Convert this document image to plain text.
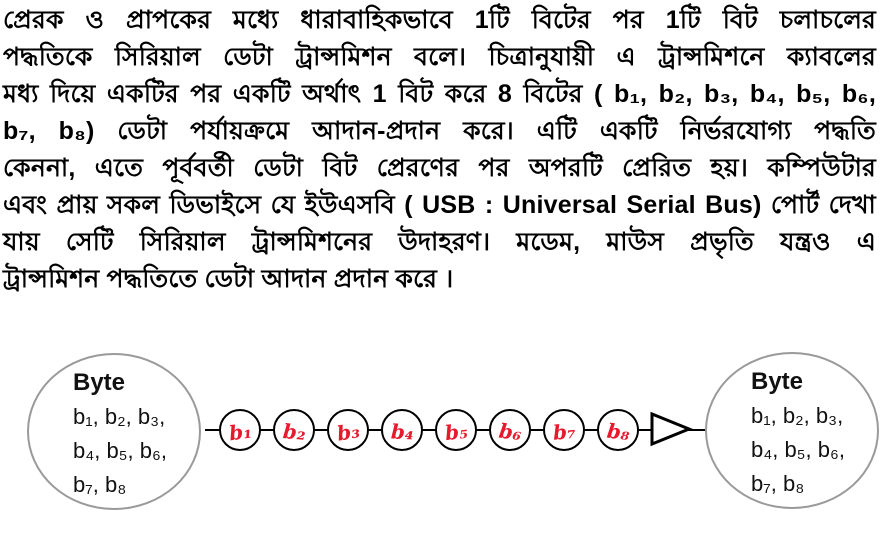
প্রেরক ও প্রাপকের মধ্যে ধারাবাহিকভাবে 1টি বিটের পর 1টি বিট চলাচলের
পদ্ধতিকে সিরিয়াল ডেটা ট্রান্সমিশন বলে। চিত্রানুযায়ী এ ট্রান্সমিশনে ক্যাবলের
মধ্য দিয়ে একটির পর একটি অর্থাৎ 1 বিট করে 8 বিটের ( b₁, b₂, b₃, b₄, b₅, b₆,
b₇, b₈) ডেটা পর্যায়ক্রমে আদান-প্রদান করে। এটি একটি নির্ভরযোগ্য পদ্ধতি
কেননা, এতে পূর্ববর্তী ডেটা বিট প্রেরণের পর অপরটি প্রেরিত হয়। কম্পিউটার
এবং প্রায় সকল ডিভাইসে যে ইউএসবি ( USB : Universal Serial Bus) পোর্ট দেখা
যায় সেটি সিরিয়াল ট্রান্সমিশনের উদাহরণ। মডেম, মাউস প্রভৃতি যন্ত্রও এ
ট্রান্সমিশন পদ্ধতিতে ডেটা আদান প্রদান করে ।
Byte
b₁, b₂, b₃,
b₄, b₅, b₆,
b₇, b₈
b₁ b₂ b₃ b₄ b₅ b₆ b₇ b₈
Byte
b₁, b₂, b₃,
b₄, b₅, b₆,
b₇, b₈
